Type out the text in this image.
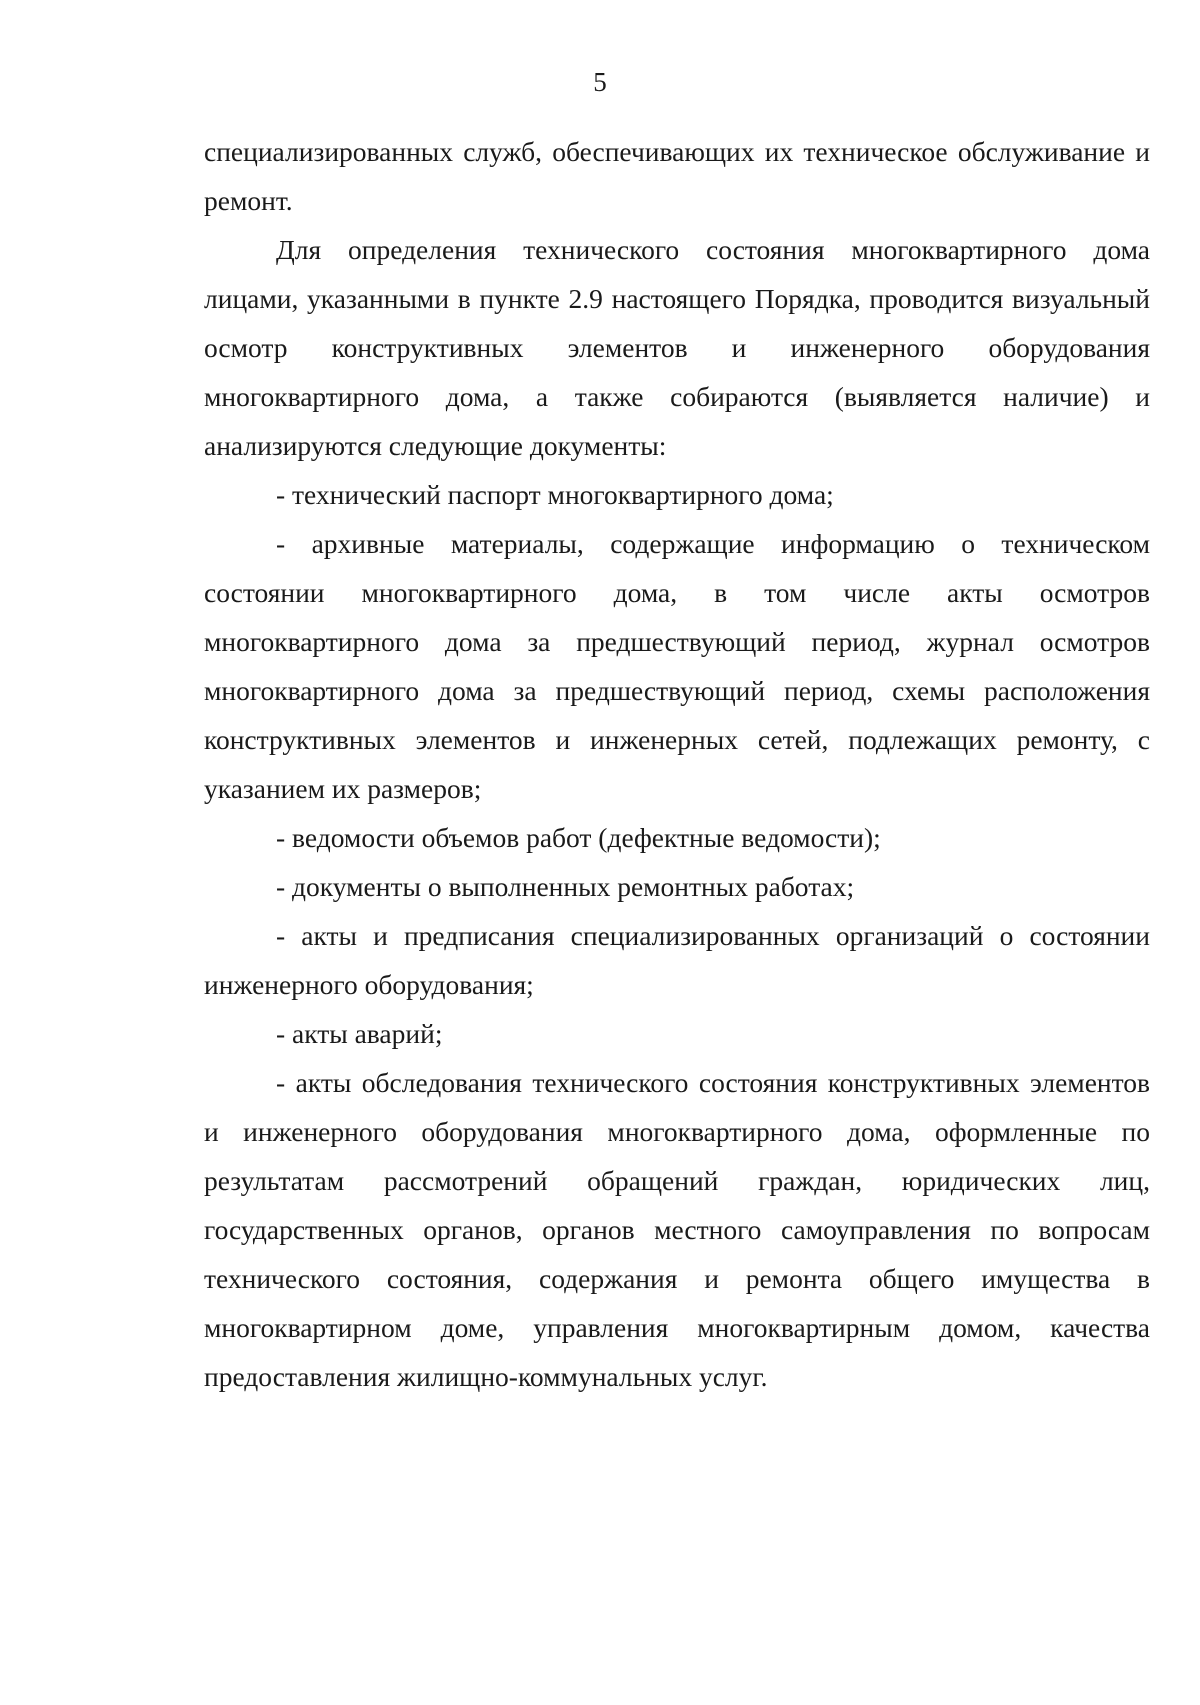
5

специализированных служб, обеспечивающих их техническое обслуживание и ремонт.

Для определения технического состояния многоквартирного дома лицами, указанными в пункте 2.9 настоящего Порядка, проводится визуальный осмотр конструктивных элементов и инженерного оборудования многоквартирного дома, а также собираются (выявляется наличие) и анализируются следующие документы:

- технический паспорт многоквартирного дома;

- архивные материалы, содержащие информацию о техническом состоянии многоквартирного дома, в том числе акты осмотров многоквартирного дома за предшествующий период, журнал осмотров многоквартирного дома за предшествующий период, схемы расположения конструктивных элементов и инженерных сетей, подлежащих ремонту, с указанием их размеров;

- ведомости объемов работ (дефектные ведомости);

- документы о выполненных ремонтных работах;

- акты и предписания специализированных организаций о состоянии инженерного оборудования;

- акты аварий;

- акты обследования технического состояния конструктивных элементов и инженерного оборудования многоквартирного дома, оформленные по результатам рассмотрений обращений граждан, юридических лиц, государственных органов, органов местного самоуправления по вопросам технического состояния, содержания и ремонта общего имущества в многоквартирном доме, управления многоквартирным домом, качества предоставления жилищно-коммунальных услуг.
